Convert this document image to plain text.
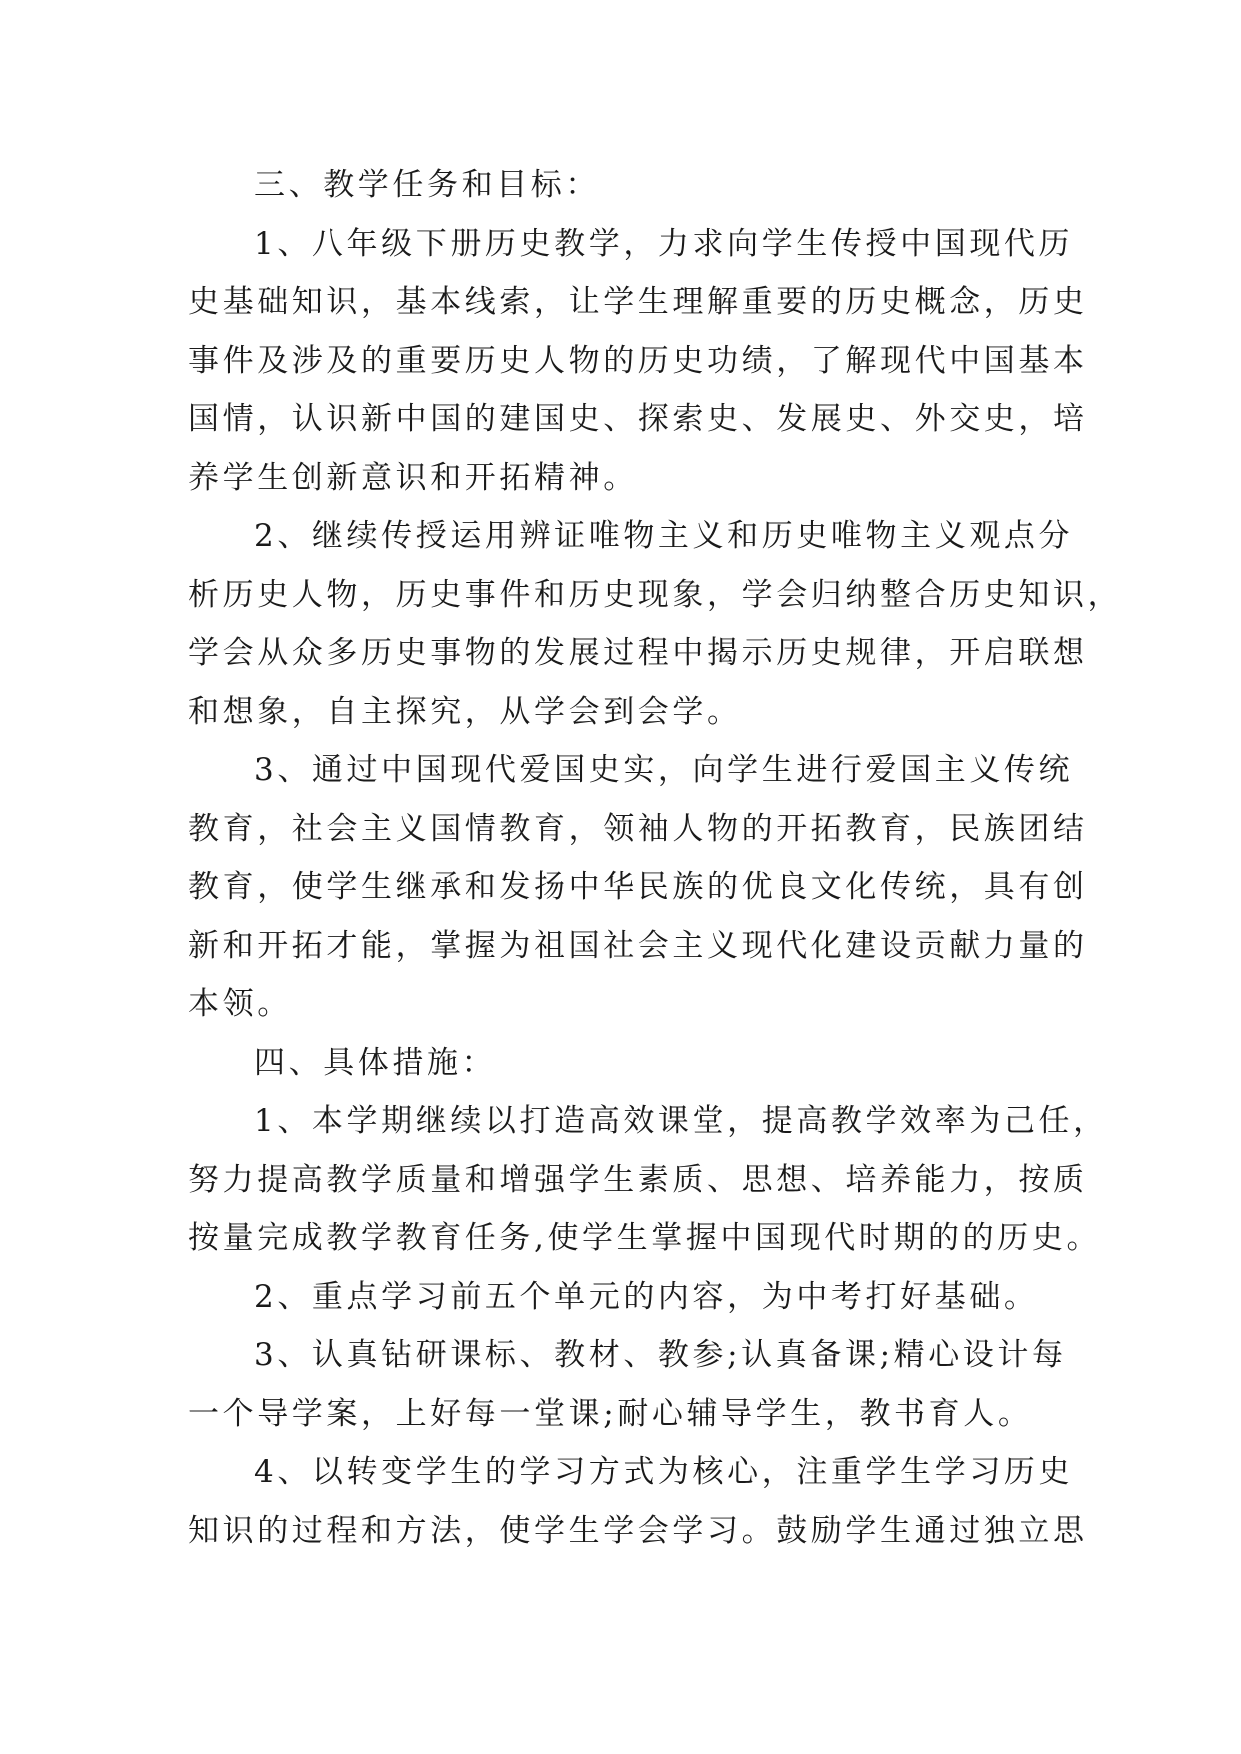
三、教学任务和目标：
1、八年级下册历史教学，力求向学生传授中国现代历
史基础知识，基本线索，让学生理解重要的历史概念，历史
事件及涉及的重要历史人物的历史功绩，了解现代中国基本
国情，认识新中国的建国史、探索史、发展史、外交史，培
养学生创新意识和开拓精神。
2、继续传授运用辨证唯物主义和历史唯物主义观点分
析历史人物，历史事件和历史现象，学会归纳整合历史知识，
学会从众多历史事物的发展过程中揭示历史规律，开启联想
和想象，自主探究，从学会到会学。
3、通过中国现代爱国史实，向学生进行爱国主义传统
教育，社会主义国情教育，领袖人物的开拓教育，民族团结
教育，使学生继承和发扬中华民族的优良文化传统，具有创
新和开拓才能，掌握为祖国社会主义现代化建设贡献力量的
本领。
四、具体措施：
1、本学期继续以打造高效课堂，提高教学效率为己任，
努力提高教学质量和增强学生素质、思想、培养能力，按质
按量完成教学教育任务,使学生掌握中国现代时期的的历史。
2、重点学习前五个单元的内容，为中考打好基础。
3、认真钻研课标、教材、教参;认真备课;精心设计每
一个导学案，上好每一堂课;耐心辅导学生，教书育人。
4、以转变学生的学习方式为核心，注重学生学习历史
知识的过程和方法，使学生学会学习。鼓励学生通过独立思
